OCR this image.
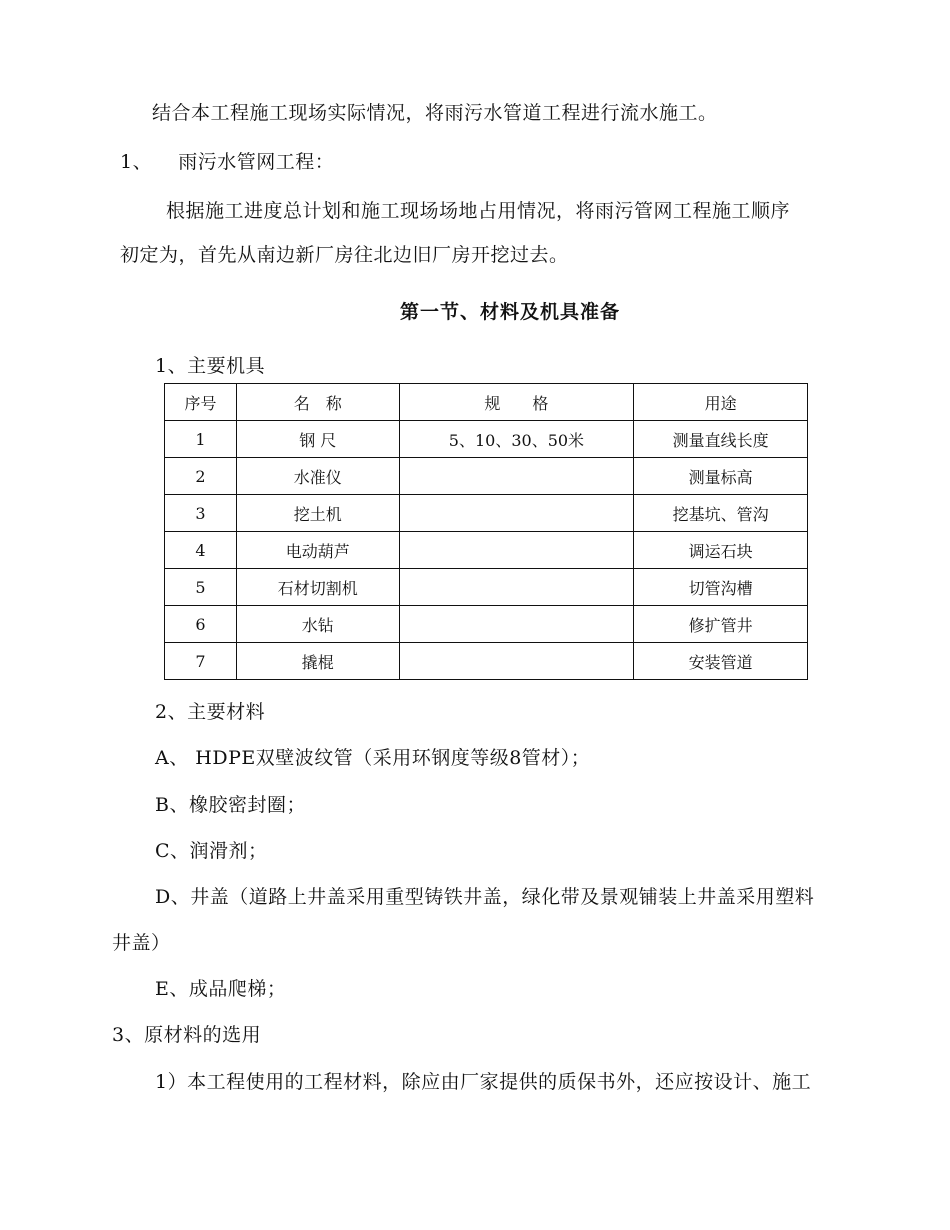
结合本工程施工现场实际情况，将雨污水管道工程进行流水施工。
1、    雨污水管网工程：
根据施工进度总计划和施工现场场地占用情况，将雨污管网工程施工顺序
初定为，首先从南边新厂房往北边旧厂房开挖过去。
第一节、材料及机具准备
1、主要机具
序号	名　称	规　　格	用途
1	钢 尺	5、10、30、50米	测量直线长度
2	水准仪		测量标高
3	挖土机		挖基坑、管沟
4	电动葫芦		调运石块
5	石材切割机		切管沟槽
6	水钻		修扩管井
7	撬棍		安装管道
2、主要材料
A、 HDPE双壁波纹管（采用环钢度等级8管材）；
B、橡胶密封圈；
C、润滑剂；
D、井盖（道路上井盖采用重型铸铁井盖，绿化带及景观铺装上井盖采用塑料
井盖）
E、成品爬梯；
3、原材料的选用
1）本工程使用的工程材料，除应由厂家提供的质保书外，还应按设计、施工
